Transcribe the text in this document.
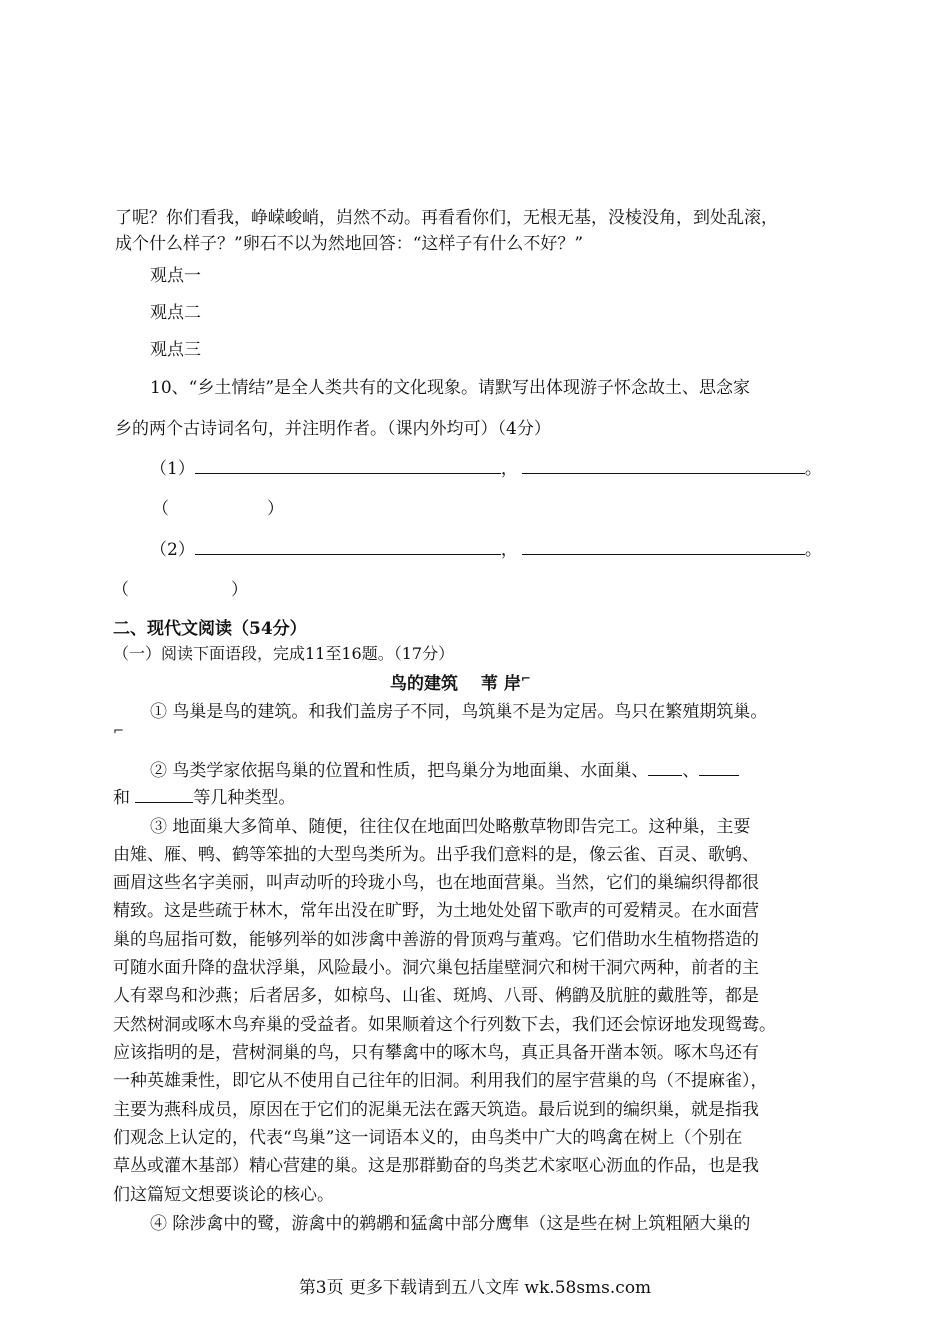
了呢？你们看我，峥嵘峻峭，岿然不动。再看看你们，无根无基，没棱没角，到处乱滚，

成个什么样子？”卵石不以为然地回答：“这样子有什么不好？”

观点一

观点二

观点三

10、“乡土情结”是全人类共有的文化现象。请默写出体现游子怀念故土、思念家

乡的两个古诗词名句，并注明作者。（课内外均可）（4分）

（1）	，	。
（	）
（2）	，	。
（	）

二、现代文阅读（54分）

（一）阅读下面语段，完成11至16题。（17分）

鸟的建筑　 苇 岸⌐

① 鸟巢是鸟的建筑。和我们盖房子不同，鸟筑巢不是为定居。鸟只在繁殖期筑巢。

⌐

② 鸟类学家依据鸟巢的位置和性质，把鸟巢分为地面巢、水面巢、 、
和	等几种类型。

③ 地面巢大多简单、随便，往往仅在地面凹处略敷草物即告完工。这种巢，主要

由雉、雁、鸭、鹤等笨拙的大型鸟类所为。出乎我们意料的是，像云雀、百灵、歌鸲、

画眉这些名字美丽，叫声动听的玲珑小鸟，也在地面营巢。当然，它们的巢编织得都很

精致。这是些疏于林木，常年出没在旷野，为土地处处留下歌声的可爱精灵。在水面营

巢的鸟屈指可数，能够列举的如涉禽中善游的骨顶鸡与董鸡。它们借助水生植物搭造的

可随水面升降的盘状浮巢，风险最小。洞穴巢包括崖壁洞穴和树干洞穴两种，前者的主

人有翠鸟和沙燕；后者居多，如椋鸟、山雀、斑鸠、八哥、鸺鹠及肮脏的戴胜等，都是

天然树洞或啄木鸟弃巢的受益者。如果顺着这个行列数下去，我们还会惊讶地发现鸳鸯。

应该指明的是，营树洞巢的鸟，只有攀禽中的啄木鸟，真正具备开凿本领。啄木鸟还有

一种英雄秉性，即它从不使用自己往年的旧洞。利用我们的屋宇营巢的鸟（不提麻雀），

主要为燕科成员，原因在于它们的泥巢无法在露天筑造。最后说到的编织巢，就是指我

们观念上认定的，代表“鸟巢”这一词语本义的，由鸟类中广大的鸣禽在树上（个别在

草丛或灌木基部）精心营建的巢。这是那群勤奋的鸟类艺术家呕心沥血的作品，也是我

们这篇短文想要谈论的核心。

④ 除涉禽中的鹭，游禽中的鹈鹕和猛禽中部分鹰隼（这是些在树上筑粗陋大巢的

第3页 更多下载请到五八文库 wk.58sms.com
